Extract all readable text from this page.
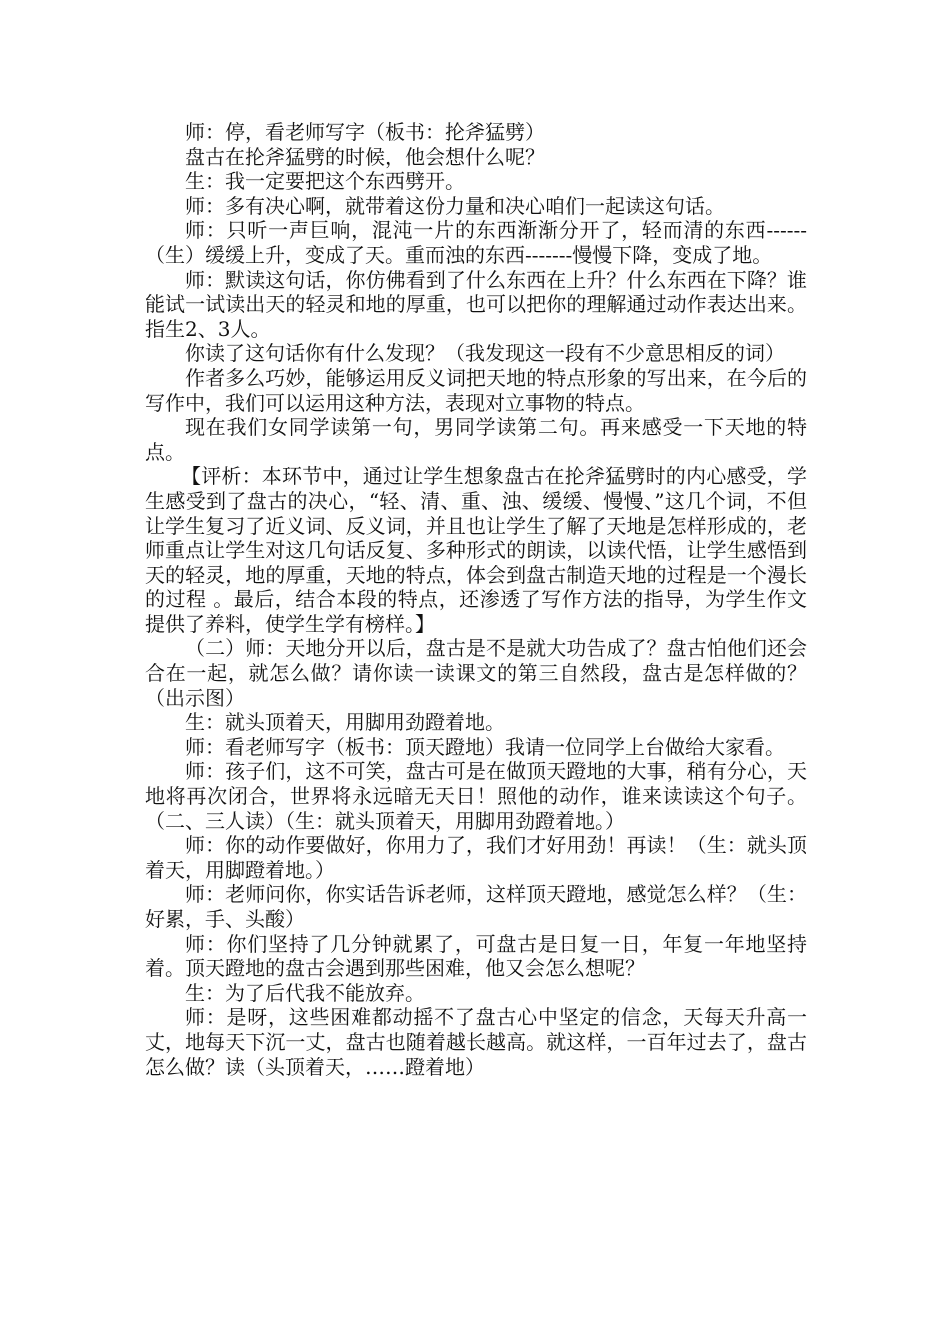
师：停，看老师写字（板书：抡斧猛劈）

盘古在抡斧猛劈的时候，他会想什么呢？

生：我一定要把这个东西劈开。

师：多有决心啊，就带着这份力量和决心咱们一起读这句话。

师：只听一声巨响，混沌一片的东西渐渐分开了，轻而清的东西------（生）缓缓上升，变成了天。重而浊的东西-------慢慢下降，变成了地。

师：默读这句话，你仿佛看到了什么东西在上升？什么东西在下降？谁能试一试读出天的轻灵和地的厚重，也可以把你的理解通过动作表达出来。指生2、3人。

你读了这句话你有什么发现？（我发现这一段有不少意思相反的词）

作者多么巧妙，能够运用反义词把天地的特点形象的写出来，在今后的写作中，我们可以运用这种方法，表现对立事物的特点。

现在我们女同学读第一句，男同学读第二句。再来感受一下天地的特点。

【评析：本环节中，通过让学生想象盘古在抡斧猛劈时的内心感受，学生感受到了盘古的决心，“轻、清、重、浊、缓缓、慢慢、”这几个词，不但让学生复习了近义词、反义词，并且也让学生了解了天地是怎样形成的，老师重点让学生对这几句话反复、多种形式的朗读，以读代悟，让学生感悟到天的轻灵，地的厚重，天地的特点，体会到盘古制造天地的过程是一个漫长的过程 。最后，结合本段的特点，还渗透了写作方法的指导，为学生作文提供了养料，使学生学有榜样。】

（二）师：天地分开以后，盘古是不是就大功告成了？盘古怕他们还会合在一起，就怎么做？请你读一读课文的第三自然段，盘古是怎样做的？（出示图）

生：就头顶着天，用脚用劲蹬着地。

师：看老师写字（板书：顶天蹬地）我请一位同学上台做给大家看。

师：孩子们，这不可笑，盘古可是在做顶天蹬地的大事，稍有分心，天地将再次闭合，世界将永远暗无天日！照他的动作，谁来读读这个句子。（二、三人读）（生：就头顶着天，用脚用劲蹬着地。）

师：你的动作要做好，你用力了，我们才好用劲！再读！（生：就头顶着天，用脚蹬着地。）

师：老师问你，你实话告诉老师，这样顶天蹬地，感觉怎么样？（生：好累，手、头酸）

师：你们坚持了几分钟就累了，可盘古是日复一日，年复一年地坚持着。顶天蹬地的盘古会遇到那些困难，他又会怎么想呢？

生：为了后代我不能放弃。

师：是呀，这些困难都动摇不了盘古心中坚定的信念，天每天升高一丈，地每天下沉一丈，盘古也随着越长越高。就这样，一百年过去了，盘古怎么做？读（头顶着天，……蹬着地）
